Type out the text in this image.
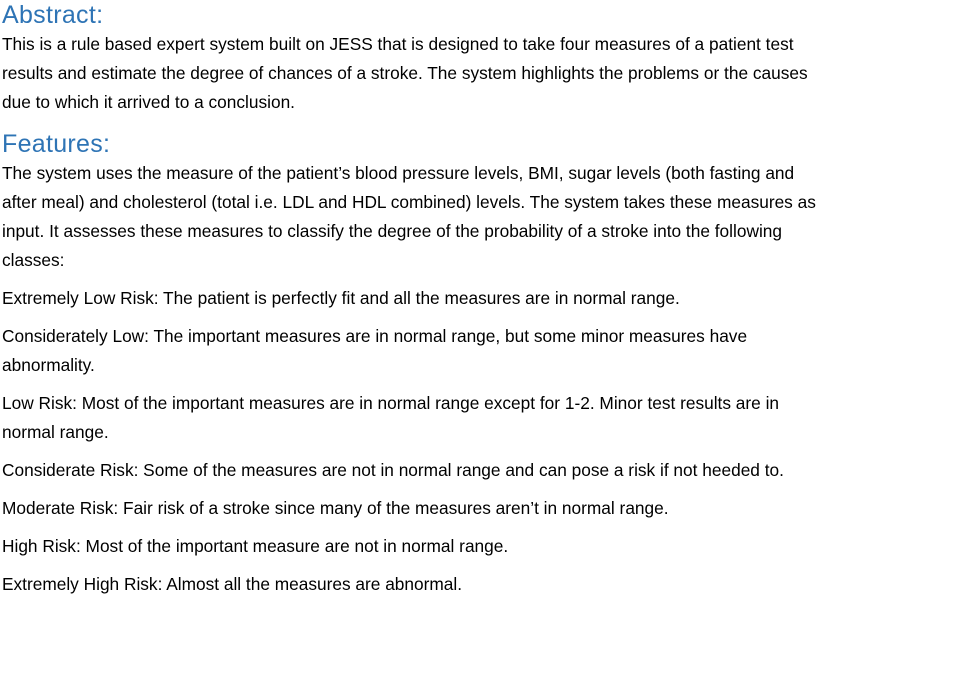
Abstract:

This is a rule based expert system built on JESS that is designed to take four measures of a patient test
results and estimate the degree of chances of a stroke. The system highlights the problems or the causes
due to which it arrived to a conclusion.

Features:

The system uses the measure of the patient’s blood pressure levels, BMI, sugar levels (both fasting and
after meal) and cholesterol (total i.e. LDL and HDL combined) levels. The system takes these measures as
input. It assesses these measures to classify the degree of the probability of a stroke into the following
classes:

Extremely Low Risk: The patient is perfectly fit and all the measures are in normal range.

Considerately Low: The important measures are in normal range, but some minor measures have
abnormality.

Low Risk: Most of the important measures are in normal range except for 1-2. Minor test results are in
normal range.

Considerate Risk: Some of the measures are not in normal range and can pose a risk if not heeded to.

Moderate Risk: Fair risk of a stroke since many of the measures aren’t in normal range.

High Risk: Most of the important measure are not in normal range.

Extremely High Risk: Almost all the measures are abnormal.
